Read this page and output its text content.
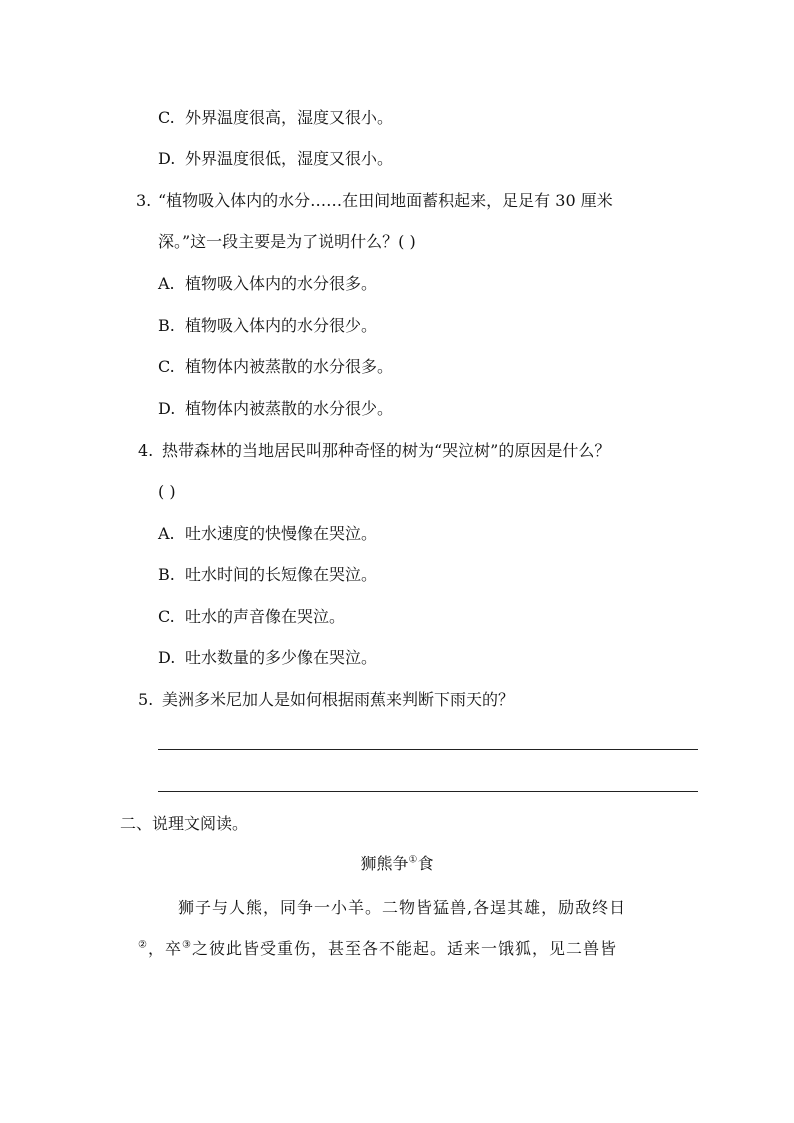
C. 外界温度很高，湿度又很小。
D. 外界温度很低，湿度又很小。
3. “植物吸入体内的水分……在田间地面蓄积起来，足足有 30 厘米
深。”这一段主要是为了说明什么？( )
A. 植物吸入体内的水分很多。
B. 植物吸入体内的水分很少。
C. 植物体内被蒸散的水分很多。
D. 植物体内被蒸散的水分很少。
4. 热带森林的当地居民叫那种奇怪的树为“哭泣树”的原因是什么？
( )
A. 吐水速度的快慢像在哭泣。
B. 吐水时间的长短像在哭泣。
C. 吐水的声音像在哭泣。
D. 吐水数量的多少像在哭泣。
5. 美洲多米尼加人是如何根据雨蕉来判断下雨天的？
二、说理文阅读。
狮熊争①食
狮子与人熊，同争一小羊。二物皆猛兽,各逞其雄，励敌终日
②，卒③之彼此皆受重伤，甚至各不能起。适来一饿狐，见二兽皆
